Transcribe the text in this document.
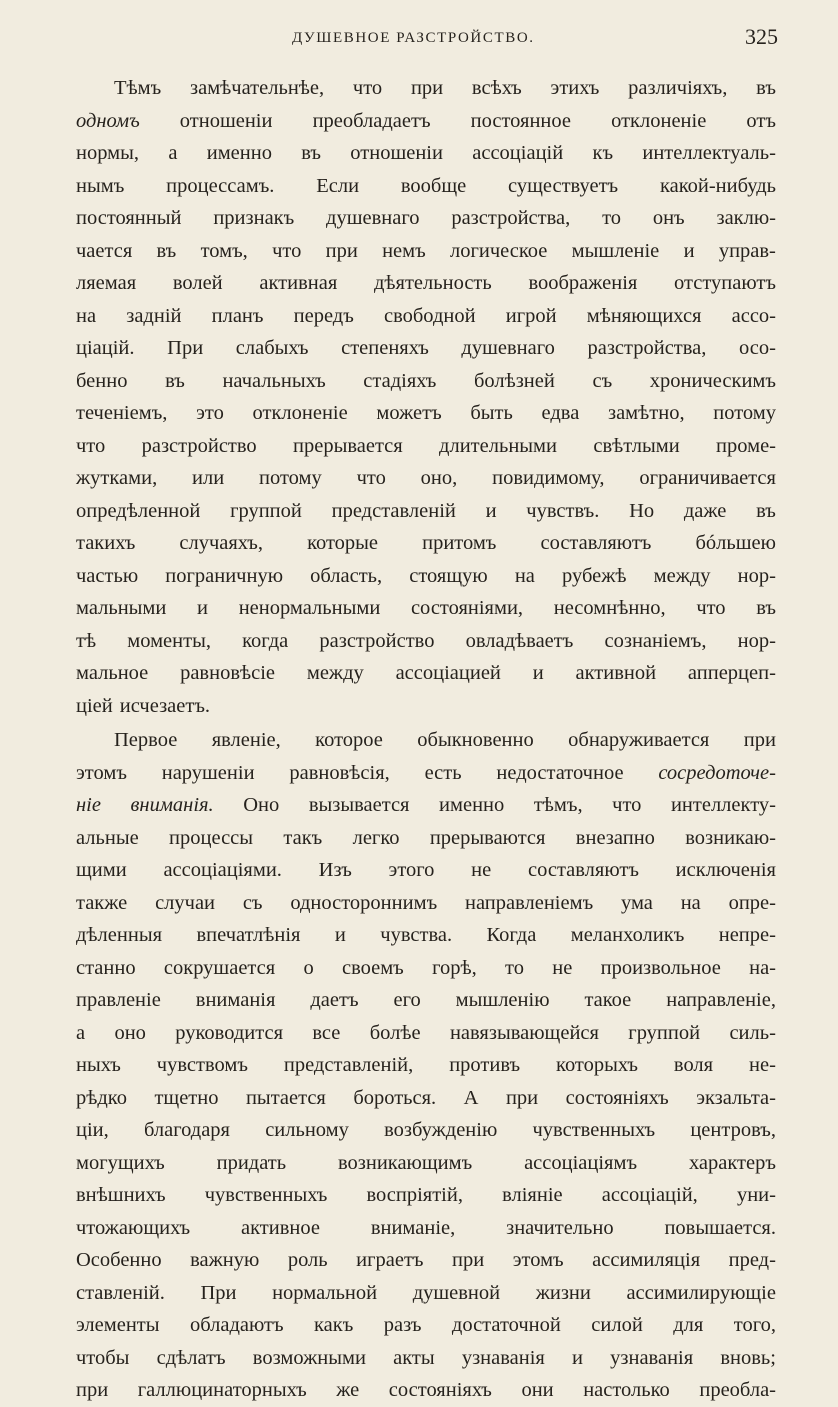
ДУШЕВНОЕ РАЗСТРОЙСТВО.	325
Тѣмъ замѣчательнѣе, что при всѣхъ этихъ различіяхъ, въ
одномъ отношеніи преобладаетъ постоянное отклоненіе отъ
нормы, а именно въ отношеніи ассоціацій къ интеллектуаль-
нымъ процессамъ. Если вообще существуетъ какой-нибудь
постоянный признакъ душевнаго разстройства, то онъ заклю-
чается въ томъ, что при немъ логическое мышленіе и управ-
ляемая волей активная дѣятельность воображенія отступаютъ
на задній планъ передъ свободной игрой мѣняющихся ассо-
ціацій. При слабыхъ степеняхъ душевнаго разстройства, осо-
бенно въ начальныхъ стадіяхъ болѣзней съ хроническимъ
теченіемъ, это отклоненіе можетъ быть едва замѣтно, потому
что разстройство прерывается длительными свѣтлыми проме-
жутками, или потому что оно, повидимому, ограничивается
опредѣленной группой представленій и чувствъ. Но даже въ
такихъ случаяхъ, которые притомъ составляютъ бóльшею
частью пограничную область, стоящую на рубежѣ между нор-
мальными и ненормальными состояніями, несомнѣнно, что въ
тѣ моменты, когда разстройство овладѣваетъ сознаніемъ, нор-
мальное равновѣсіе между ассоціацией и активной апперцеп-
ціей исчезаетъ.
Первое явленіе, которое обыкновенно обнаруживается при
этомъ нарушеніи равновѣсія, есть недостаточное сосредоточе-
ніе вниманія. Оно вызывается именно тѣмъ, что интеллекту-
альные процессы такъ легко прерываются внезапно возникаю-
щими ассоціаціями. Изъ этого не составляютъ исключенія
также случаи съ одностороннимъ направленіемъ ума на опре-
дѣленныя впечатлѣнія и чувства. Когда меланхоликъ непре-
станно сокрушается о своемъ горѣ, то не произвольное на-
правленіе вниманія даетъ его мышленію такое направленіе,
а оно руководится все болѣе навязывающейся группой силь-
ныхъ чувствомъ представленій, противъ которыхъ воля не-
рѣдко тщетно пытается бороться. А при состояніяхъ экзальта-
ціи, благодаря сильному возбужденію чувственныхъ центровъ,
могущихъ	придать	возникающимъ	ассоціаціямъ	характеръ
внѣшнихъ чувственныхъ воспріятій, вліяніе ассоціацій, уни-
чтожающихъ активное вниманіе, значительно повышается.
Особенно важную роль играетъ при этомъ ассимиляція пред-
ставленій. При нормальной душевной жизни ассимилирующіе
элементы обладаютъ какъ разъ достаточной силой для того,
чтобы сдѣлатъ возможными акты узнаванія и узнаванія вновь;
при галлюцинаторныхъ же состояніяхъ они настолько преобла-
